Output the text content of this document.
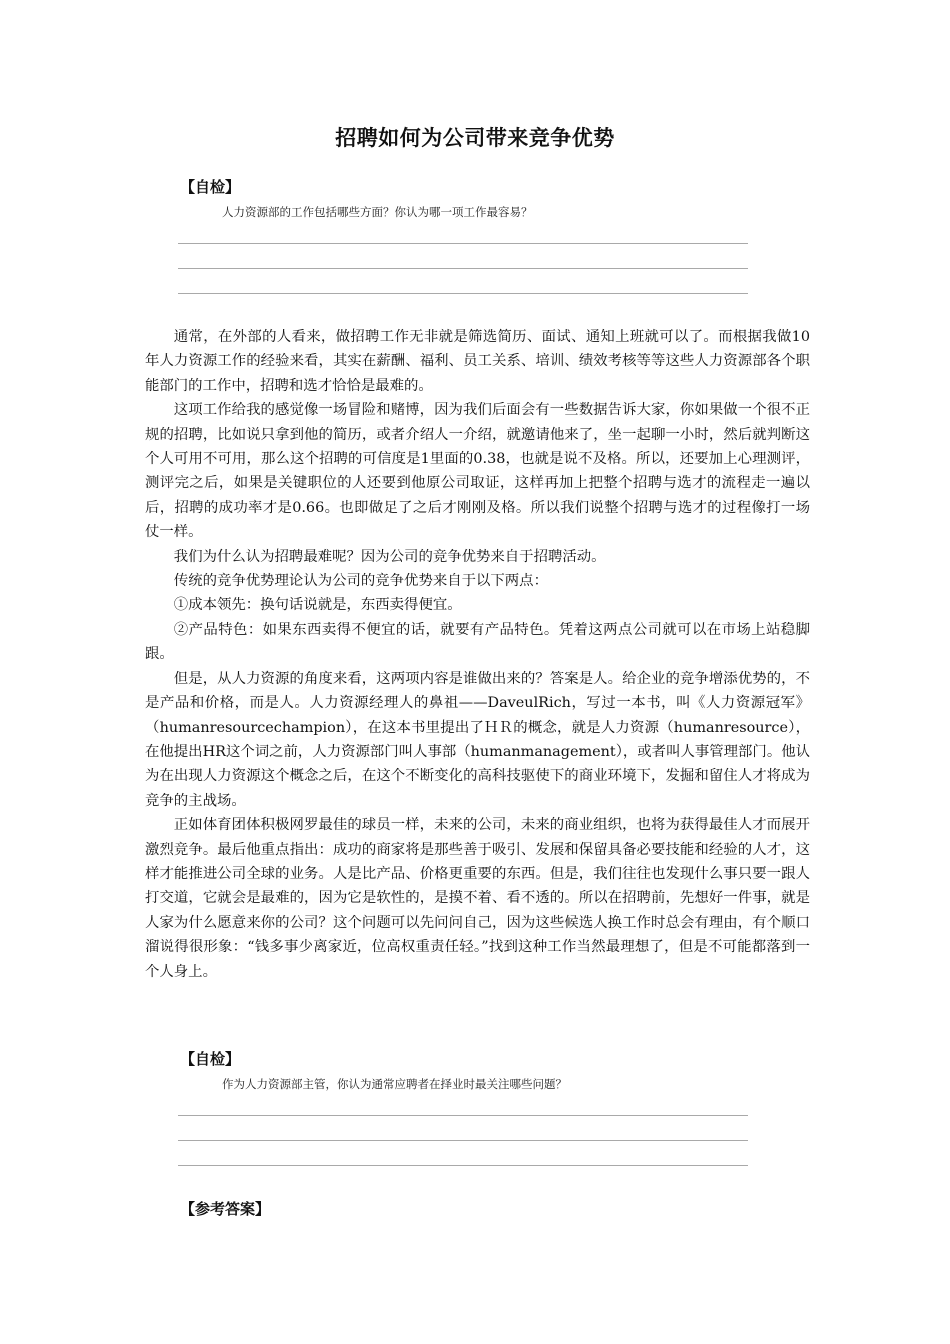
招聘如何为公司带来竞争优势
【自检】
人力资源部的工作包括哪些方面？你认为哪一项工作最容易？

通常，在外部的人看来，做招聘工作无非就是筛选简历、面试、通知上班就可以了。而根据我做10年人力资源工作的经验来看，其实在薪酬、福利、员工关系、培训、绩效考核等等这些人力资源部各个职能部门的工作中，招聘和选才恰恰是最难的。

这项工作给我的感觉像一场冒险和赌博，因为我们后面会有一些数据告诉大家，你如果做一个很不正规的招聘，比如说只拿到他的简历，或者介绍人一介绍，就邀请他来了，坐一起聊一小时，然后就判断这个人可用不可用，那么这个招聘的可信度是1里面的0.38，也就是说不及格。所以，还要加上心理测评，测评完之后，如果是关键职位的人还要到他原公司取证，这样再加上把整个招聘与选才的流程走一遍以后，招聘的成功率才是0.66。也即做足了之后才刚刚及格。所以我们说整个招聘与选才的过程像打一场仗一样。

我们为什么认为招聘最难呢？因为公司的竞争优势来自于招聘活动。

传统的竞争优势理论认为公司的竞争优势来自于以下两点：

①成本领先：换句话说就是，东西卖得便宜。

②产品特色：如果东西卖得不便宜的话，就要有产品特色。凭着这两点公司就可以在市场上站稳脚跟。

但是，从人力资源的角度来看，这两项内容是谁做出来的？答案是人。给企业的竞争增添优势的，不是产品和价格，而是人。人力资源经理人的鼻祖——DaveulRich，写过一本书，叫《人力资源冠军》（humanresourcechampion），在这本书里提出了ＨＲ的概念，就是人力资源（humanresource），在他提出HR这个词之前，人力资源部门叫人事部（humanmanagement），或者叫人事管理部门。他认为在出现人力资源这个概念之后，在这个不断变化的高科技驱使下的商业环境下，发掘和留住人才将成为竞争的主战场。

正如体育团体积极网罗最佳的球员一样，未来的公司，未来的商业组织，也将为获得最佳人才而展开激烈竞争。最后他重点指出：成功的商家将是那些善于吸引、发展和保留具备必要技能和经验的人才，这样才能推进公司全球的业务。人是比产品、价格更重要的东西。但是，我们往往也发现什么事只要一跟人打交道，它就会是最难的，因为它是软性的，是摸不着、看不透的。所以在招聘前，先想好一件事，就是人家为什么愿意来你的公司？这个问题可以先问问自己，因为这些候选人换工作时总会有理由，有个顺口溜说得很形象：“钱多事少离家近，位高权重责任轻。”找到这种工作当然最理想了，但是不可能都落到一个人身上。

【自检】
作为人力资源部主管，你认为通常应聘者在择业时最关注哪些问题？
【参考答案】
